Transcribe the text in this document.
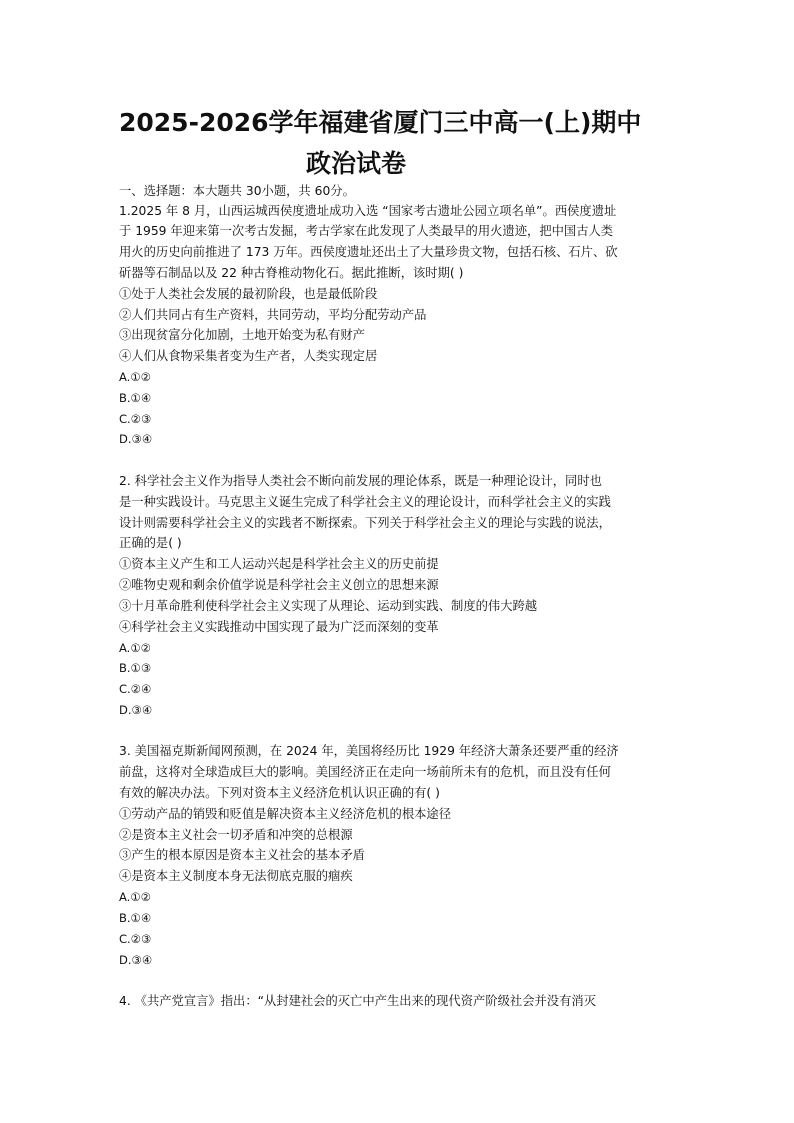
2025-2026学年福建省厦门三中高一(上)期中
政治试卷
一、选择题：本大题共 30小题，共 60分。
1.2025 年 8 月，山西运城西侯度遗址成功入选 “国家考古遗址公园立项名单”。西侯度遗址
于 1959 年迎来第一次考古发掘，考古学家在此发现了人类最早的用火遗迹，把中国古人类
用火的历史向前推进了 173 万年。西侯度遗址还出土了大量珍贵文物，包括石核、石片、砍
斫器等石制品以及 22 种古脊椎动物化石。据此推断，该时期( )
①处于人类社会发展的最初阶段，也是最低阶段
②人们共同占有生产资料，共同劳动，平均分配劳动产品
③出现贫富分化加剧，土地开始变为私有财产
④人们从食物采集者变为生产者，人类实现定居
A.①②
B.①④
C.②③
D.③④
2. 科学社会主义作为指导人类社会不断向前发展的理论体系，既是一种理论设计，同时也
是一种实践设计。马克思主义诞生完成了科学社会主义的理论设计，而科学社会主义的实践
设计则需要科学社会主义的实践者不断探索。下列关于科学社会主义的理论与实践的说法，
正确的是( )
①资本主义产生和工人运动兴起是科学社会主义的历史前提
②唯物史观和剩余价值学说是科学社会主义创立的思想来源
③十月革命胜利使科学社会主义实现了从理论、运动到实践、制度的伟大跨越
④科学社会主义实践推动中国实现了最为广泛而深刻的变革
A.①②
B.①③
C.②④
D.③④
3. 美国福克斯新闻网预测，在 2024 年，美国将经历比 1929 年经济大萧条还要严重的经济
前盘，这将对全球造成巨大的影响。美国经济正在走向一场前所未有的危机，而且没有任何
有效的解决办法。下列对资本主义经济危机认识正确的有( )
①劳动产品的销毁和贬值是解决资本主义经济危机的根本途径
②是资本主义社会一切矛盾和冲突的总根源
③产生的根本原因是资本主义社会的基本矛盾
④是资本主义制度本身无法彻底克服的痼疾
A.①②
B.①④
C.②③
D.③④
4. 《共产党宣言》指出：“从封建社会的灭亡中产生出来的现代资产阶级社会并没有消灭
